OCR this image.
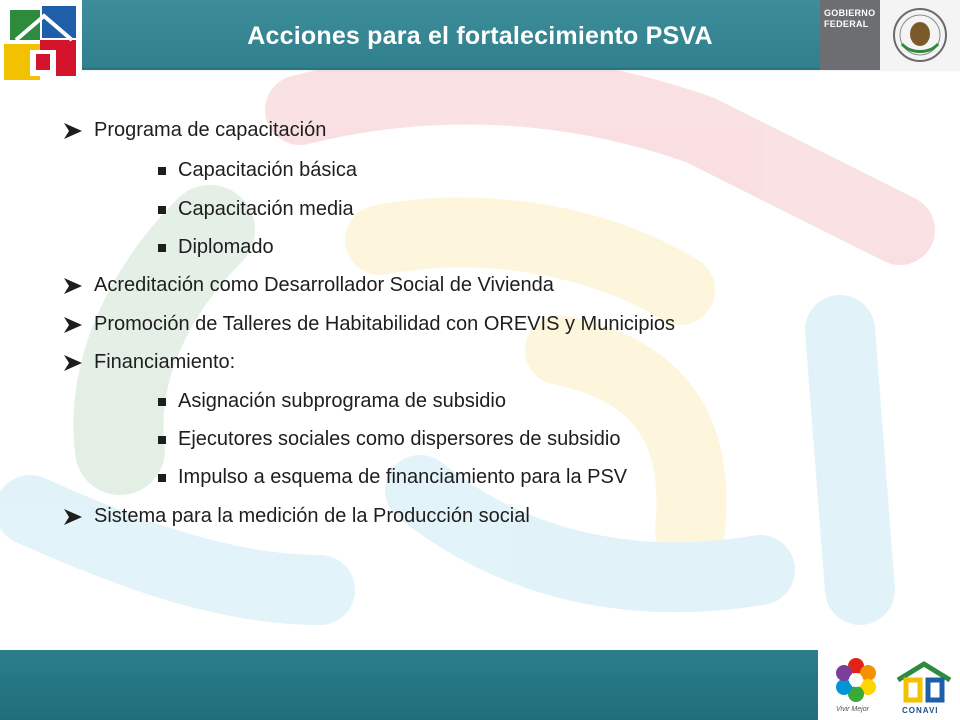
Acciones para el fortalecimiento PSVA
GOBIERNO
FEDERAL
Programa de capacitación
Capacitación básica
Capacitación media
Diplomado
Acreditación como Desarrollador Social de Vivienda
Promoción de Talleres de Habitabilidad con OREVIS y Municipios
Financiamiento:
Asignación subprograma de subsidio
Ejecutores sociales como dispersores de subsidio
Impulso a esquema de financiamiento para la PSV
Sistema para la medición de la Producción social
Vivir Mejor	CONAVI
